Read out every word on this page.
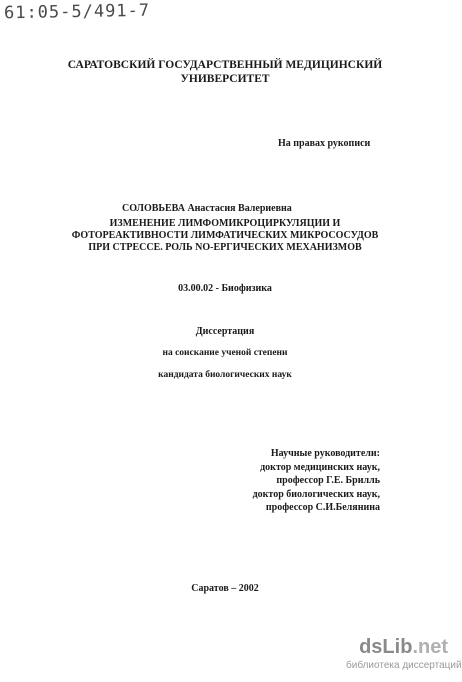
61:05-5/491-7
САРАТОВСКИЙ ГОСУДАРСТВЕННЫЙ МЕДИЦИНСКИЙ
УНИВЕРСИТЕТ
На правах рукописи
СОЛОВЬЕВА Анастасия Валериевна
ИЗМЕНЕНИЕ ЛИМФОМИКРОЦИРКУЛЯЦИИ И
ФОТОРЕАКТИВНОСТИ ЛИМФАТИЧЕСКИХ МИКРОСОСУДОВ
ПРИ СТРЕССЕ. РОЛЬ NO-ЕРГИЧЕСКИХ МЕХАНИЗМОВ
03.00.02 - Биофизика
Диссертация
на соискание ученой степени
кандидата биологических наук
Научные руководители:
доктор медицинских наук,
профессор Г.Е. Брилль
доктор биологических наук,
профессор С.И.Белянина
Саратов – 2002
dsLib.net
библиотека диссертаций
